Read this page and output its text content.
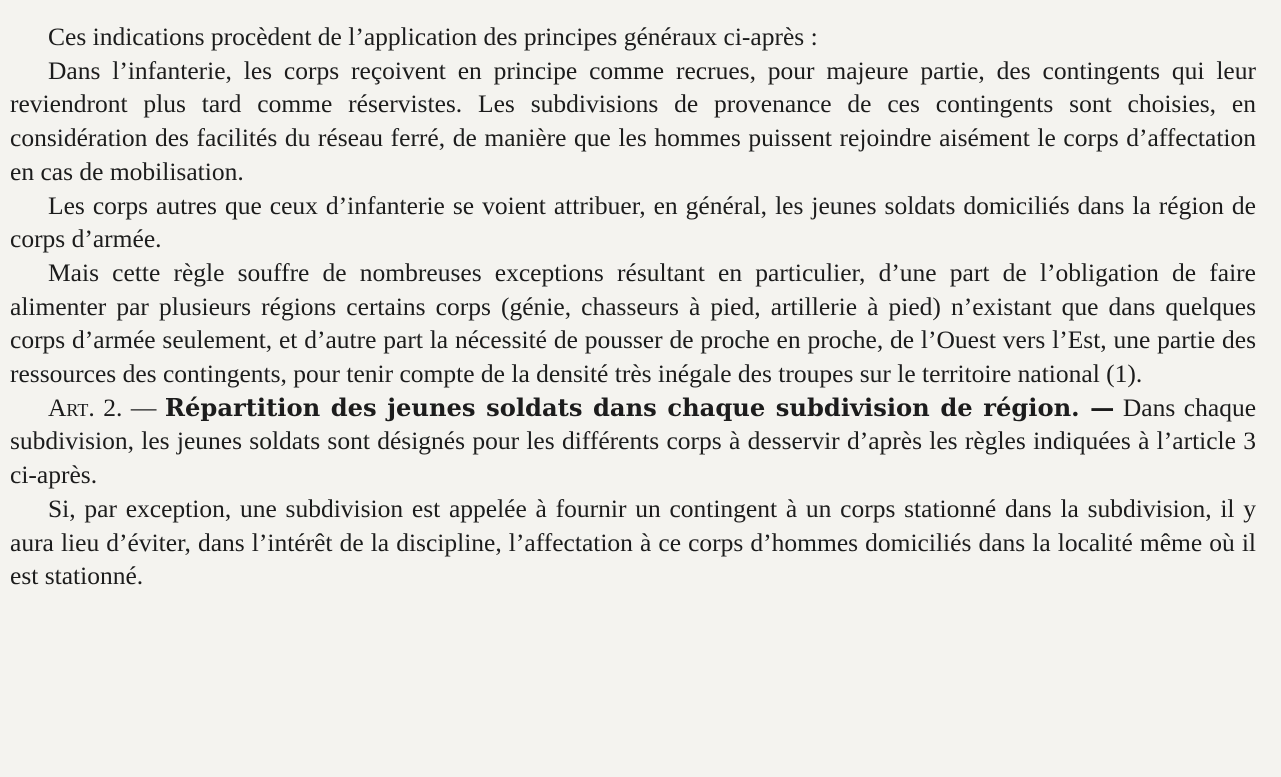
Ces indications procèdent de l’application des principes généraux ci-après :

Dans l’infanterie, les corps reçoivent en principe comme recrues, pour majeure partie, des contingents qui leur reviendront plus tard comme réservistes. Les subdivisions de provenance de ces contingents sont choisies, en considération des facilités du réseau ferré, de manière que les hommes puissent rejoindre aisément le corps d’affectation en cas de mobilisation.

Les corps autres que ceux d’infanterie se voient attribuer, en général, les jeunes soldats domiciliés dans la région de corps d’armée.

Mais cette règle souffre de nombreuses exceptions résultant en particulier, d’une part de l’obligation de faire alimenter par plusieurs régions certains corps (génie, chasseurs à pied, artillerie à pied) n’existant que dans quelques corps d’armée seulement, et d’autre part la nécessité de pousser de proche en proche, de l’Ouest vers l’Est, une partie des ressources des contingents, pour tenir compte de la densité très inégale des troupes sur le territoire national (1).

Art. 2. — Répartition des jeunes soldats dans chaque subdivision de région. — Dans chaque subdivision, les jeunes soldats sont désignés pour les différents corps à desservir d’après les règles indiquées à l’article 3 ci-après.

Si, par exception, une subdivision est appelée à fournir un contingent à un corps stationné dans la subdivision, il y aura lieu d’éviter, dans l’intérêt de la discipline, l’affectation à ce corps d’hommes domiciliés dans la localité même où il est stationné.
